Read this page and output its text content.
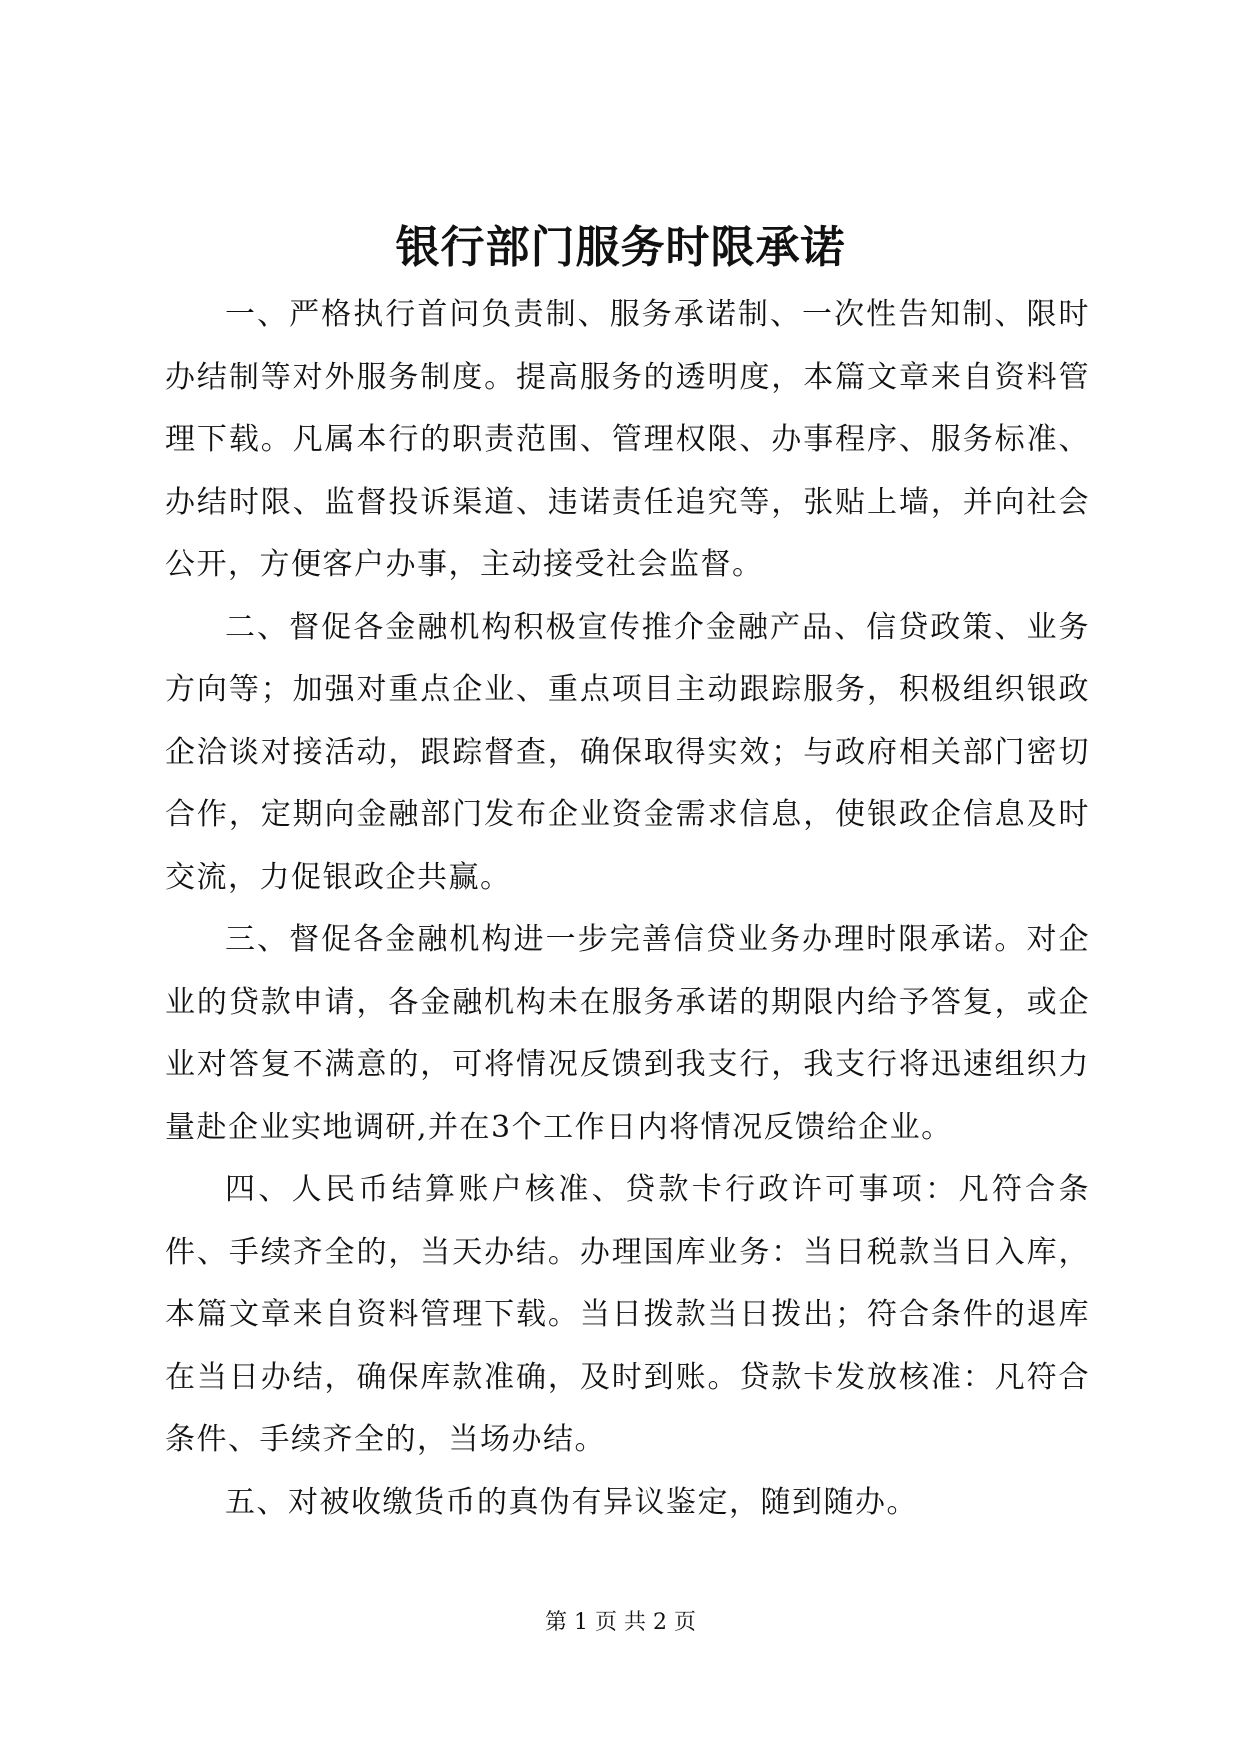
银行部门服务时限承诺

一、严格执行首问负责制、服务承诺制、一次性告知制、限时办结制等对外服务制度。提高服务的透明度，本篇文章来自资料管理下载。凡属本行的职责范围、管理权限、办事程序、服务标准、办结时限、监督投诉渠道、违诺责任追究等，张贴上墙，并向社会公开，方便客户办事，主动接受社会监督。

二、督促各金融机构积极宣传推介金融产品、信贷政策、业务方向等；加强对重点企业、重点项目主动跟踪服务，积极组织银政企洽谈对接活动，跟踪督查，确保取得实效；与政府相关部门密切合作，定期向金融部门发布企业资金需求信息，使银政企信息及时交流，力促银政企共赢。

三、督促各金融机构进一步完善信贷业务办理时限承诺。对企业的贷款申请，各金融机构未在服务承诺的期限内给予答复，或企业对答复不满意的，可将情况反馈到我支行，我支行将迅速组织力量赴企业实地调研,并在3个工作日内将情况反馈给企业。

四、人民币结算账户核准、贷款卡行政许可事项：凡符合条件、手续齐全的，当天办结。办理国库业务：当日税款当日入库，本篇文章来自资料管理下载。当日拨款当日拨出；符合条件的退库在当日办结，确保库款准确，及时到账。贷款卡发放核准：凡符合条件、手续齐全的，当场办结。

五、对被收缴货币的真伪有异议鉴定，随到随办。

第 1 页 共 2 页
